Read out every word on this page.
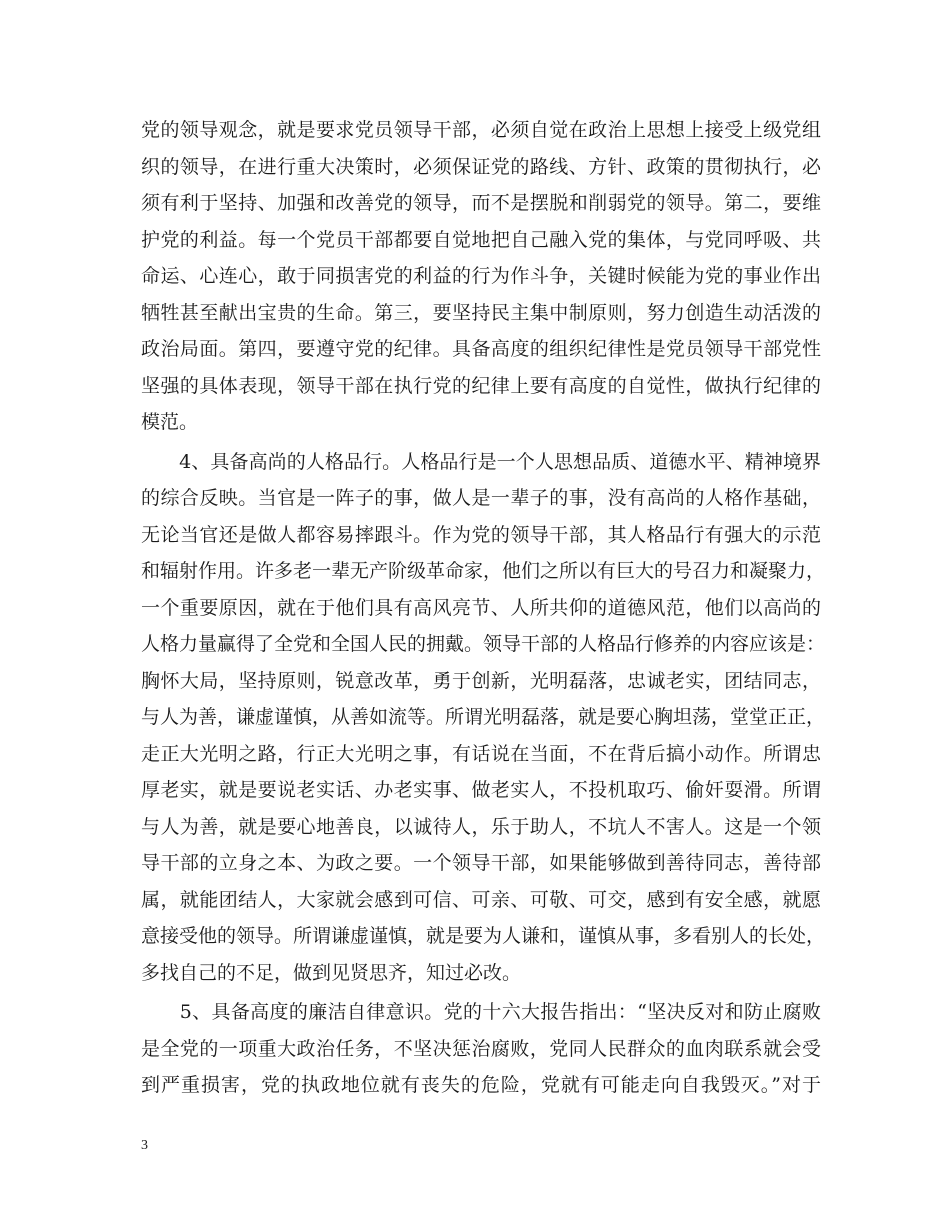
党的领导观念，就是要求党员领导干部，必须自觉在政治上思想上接受上级党组
织的领导，在进行重大决策时，必须保证党的路线、方针、政策的贯彻执行，必
须有利于坚持、加强和改善党的领导，而不是摆脱和削弱党的领导。第二，要维
护党的利益。每一个党员干部都要自觉地把自己融入党的集体，与党同呼吸、共
命运、心连心，敢于同损害党的利益的行为作斗争，关键时候能为党的事业作出
牺牲甚至献出宝贵的生命。第三，要坚持民主集中制原则，努力创造生动活泼的
政治局面。第四，要遵守党的纪律。具备高度的组织纪律性是党员领导干部党性
坚强的具体表现，领导干部在执行党的纪律上要有高度的自觉性，做执行纪律的
模范。
　　4、具备高尚的人格品行。人格品行是一个人思想品质、道德水平、精神境界
的综合反映。当官是一阵子的事，做人是一辈子的事，没有高尚的人格作基础，
无论当官还是做人都容易摔跟斗。作为党的领导干部，其人格品行有强大的示范
和辐射作用。许多老一辈无产阶级革命家，他们之所以有巨大的号召力和凝聚力，
一个重要原因，就在于他们具有高风亮节、人所共仰的道德风范，他们以高尚的
人格力量赢得了全党和全国人民的拥戴。领导干部的人格品行修养的内容应该是：
胸怀大局，坚持原则，锐意改革，勇于创新，光明磊落，忠诚老实，团结同志，
与人为善，谦虚谨慎，从善如流等。所谓光明磊落，就是要心胸坦荡，堂堂正正，
走正大光明之路，行正大光明之事，有话说在当面，不在背后搞小动作。所谓忠
厚老实，就是要说老实话、办老实事、做老实人，不投机取巧、偷奸耍滑。所谓
与人为善，就是要心地善良，以诚待人，乐于助人，不坑人不害人。这是一个领
导干部的立身之本、为政之要。一个领导干部，如果能够做到善待同志，善待部
属，就能团结人，大家就会感到可信、可亲、可敬、可交，感到有安全感，就愿
意接受他的领导。所谓谦虚谨慎，就是要为人谦和，谨慎从事，多看别人的长处，
多找自己的不足，做到见贤思齐，知过必改。
　　5、具备高度的廉洁自律意识。党的十六大报告指出：“坚决反对和防止腐败
是全党的一项重大政治任务，不坚决惩治腐败，党同人民群众的血肉联系就会受
到严重损害，党的执政地位就有丧失的危险，党就有可能走向自我毁灭。”对于
3
